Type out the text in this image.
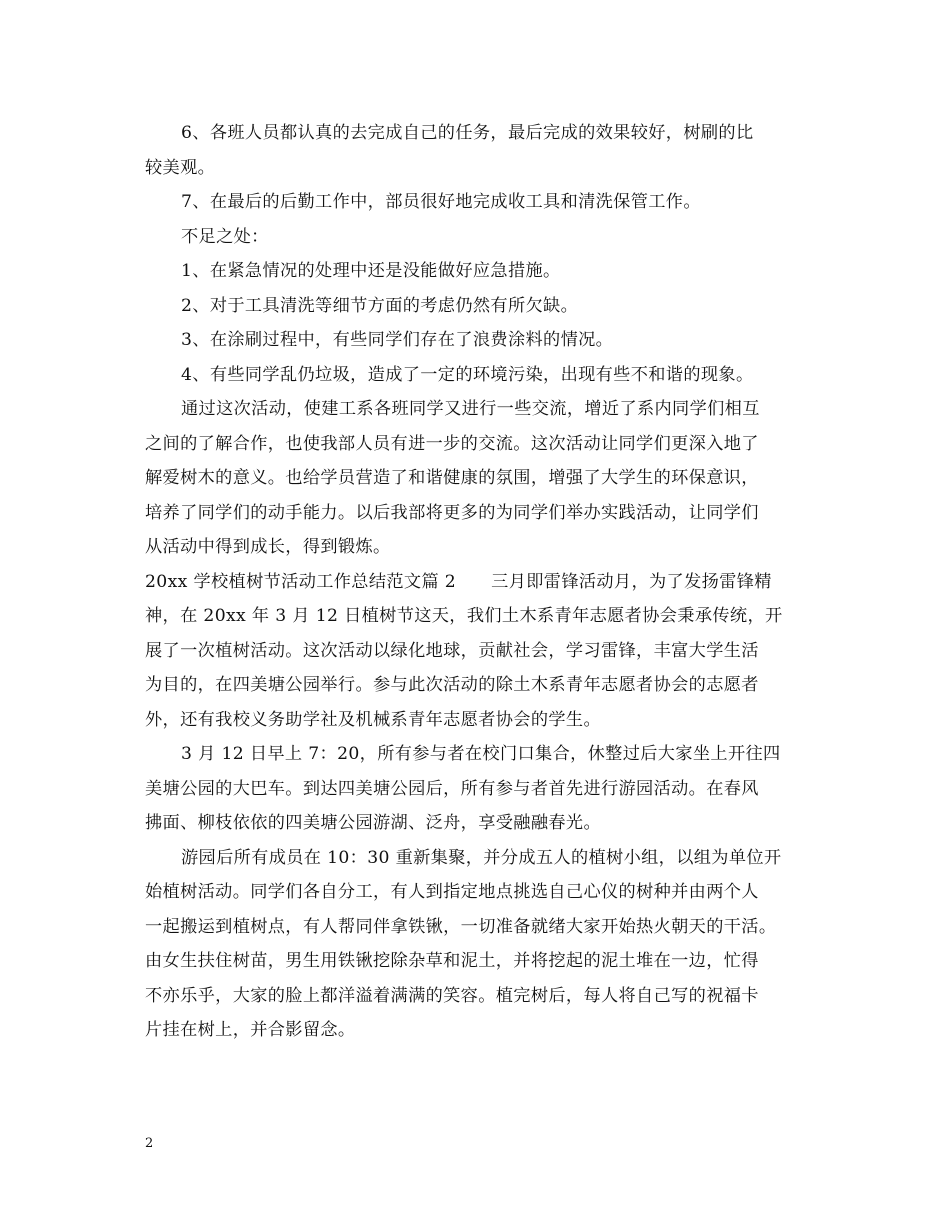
6、各班人员都认真的去完成自己的任务，最后完成的效果较好，树刷的比
较美观。
7、在最后的后勤工作中，部员很好地完成收工具和清洗保管工作。
不足之处：
1、在紧急情况的处理中还是没能做好应急措施。
2、对于工具清洗等细节方面的考虑仍然有所欠缺。
3、在涂刷过程中，有些同学们存在了浪费涂料的情况。
4、有些同学乱仍垃圾，造成了一定的环境污染，出现有些不和谐的现象。
通过这次活动，使建工系各班同学又进行一些交流，增近了系内同学们相互
之间的了解合作，也使我部人员有进一步的交流。这次活动让同学们更深入地了
解爱树木的意义。也给学员营造了和谐健康的氛围，增强了大学生的环保意识，
培养了同学们的动手能力。以后我部将更多的为同学们举办实践活动，让同学们
从活动中得到成长，得到锻炼。
20xx 学校植树节活动工作总结范文篇 2　　三月即雷锋活动月，为了发扬雷锋精
神，在 20xx 年 3 月 12 日植树节这天，我们土木系青年志愿者协会秉承传统，开
展了一次植树活动。这次活动以绿化地球，贡献社会，学习雷锋，丰富大学生活
为目的，在四美塘公园举行。参与此次活动的除土木系青年志愿者协会的志愿者
外，还有我校义务助学社及机械系青年志愿者协会的学生。
3 月 12 日早上 7：20，所有参与者在校门口集合，休整过后大家坐上开往四
美塘公园的大巴车。到达四美塘公园后，所有参与者首先进行游园活动。在春风
拂面、柳枝依依的四美塘公园游湖、泛舟，享受融融春光。
游园后所有成员在 10：30 重新集聚，并分成五人的植树小组，以组为单位开
始植树活动。同学们各自分工，有人到指定地点挑选自己心仪的树种并由两个人
一起搬运到植树点，有人帮同伴拿铁锹，一切准备就绪大家开始热火朝天的干活。
由女生扶住树苗，男生用铁锹挖除杂草和泥土，并将挖起的泥土堆在一边，忙得
不亦乐乎，大家的脸上都洋溢着满满的笑容。植完树后，每人将自己写的祝福卡
片挂在树上，并合影留念。
2
